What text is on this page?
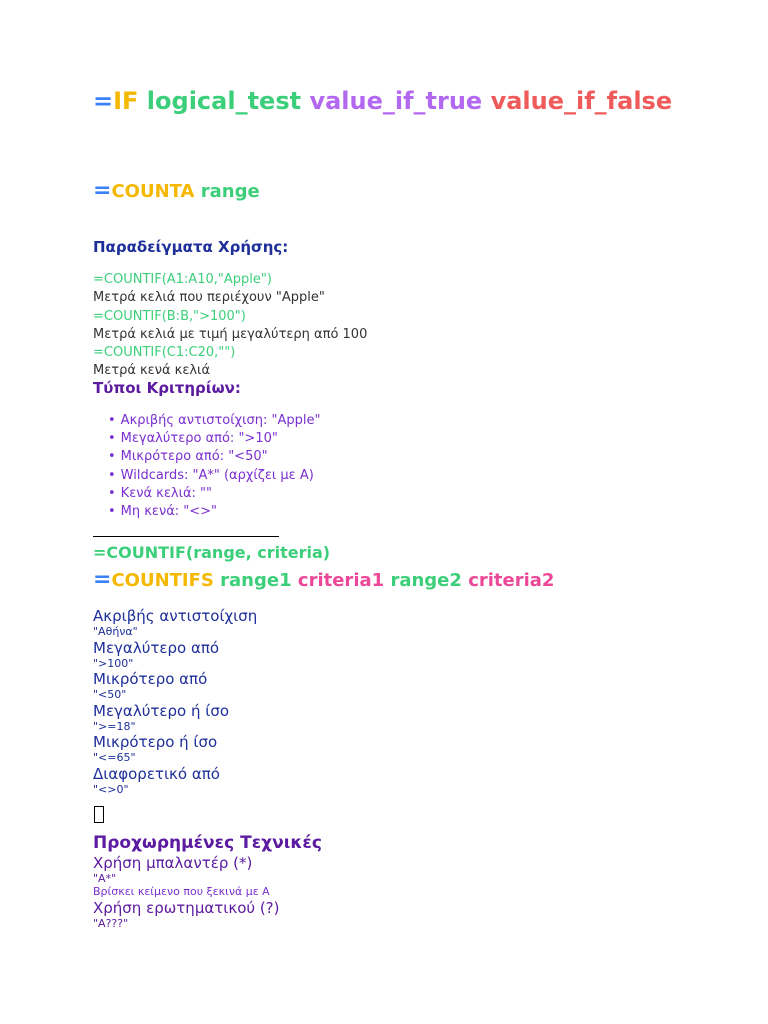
=IF logical_test value_if_true value_if_false
=COUNTA range
Παραδείγματα Χρήσης:
=COUNTIF(A1:A10,"Apple")
Μετρά κελιά που περιέχουν "Apple"
=COUNTIF(B:B,">100")
Μετρά κελιά με τιμή μεγαλύτερη από 100
=COUNTIF(C1:C20,"")
Μετρά κενά κελιά
Τύποι Κριτηρίων:
• Ακριβής αντιστοίχιση: "Apple"
• Μεγαλύτερο από: ">10"
• Μικρότερο από: "<50"
• Wildcards: "A*" (αρχίζει με A)
• Κενά κελιά: ""
• Μη κενά: "<>"
=COUNTIF(range, criteria)
=COUNTIFS range1 criteria1 range2 criteria2
Ακριβής αντιστοίχιση
"Αθήνα"
Μεγαλύτερο από
">100"
Μικρότερο από
"<50"
Μεγαλύτερο ή ίσο
">=18"
Μικρότερο ή ίσο
"<=65"
Διαφορετικό από
"<>0"
Προχωρημένες Τεχνικές
Χρήση μπαλαντέρ (*)
"A*"
Βρίσκει κείμενο που ξεκινά με A
Χρήση ερωτηματικού (?)
"A???"
